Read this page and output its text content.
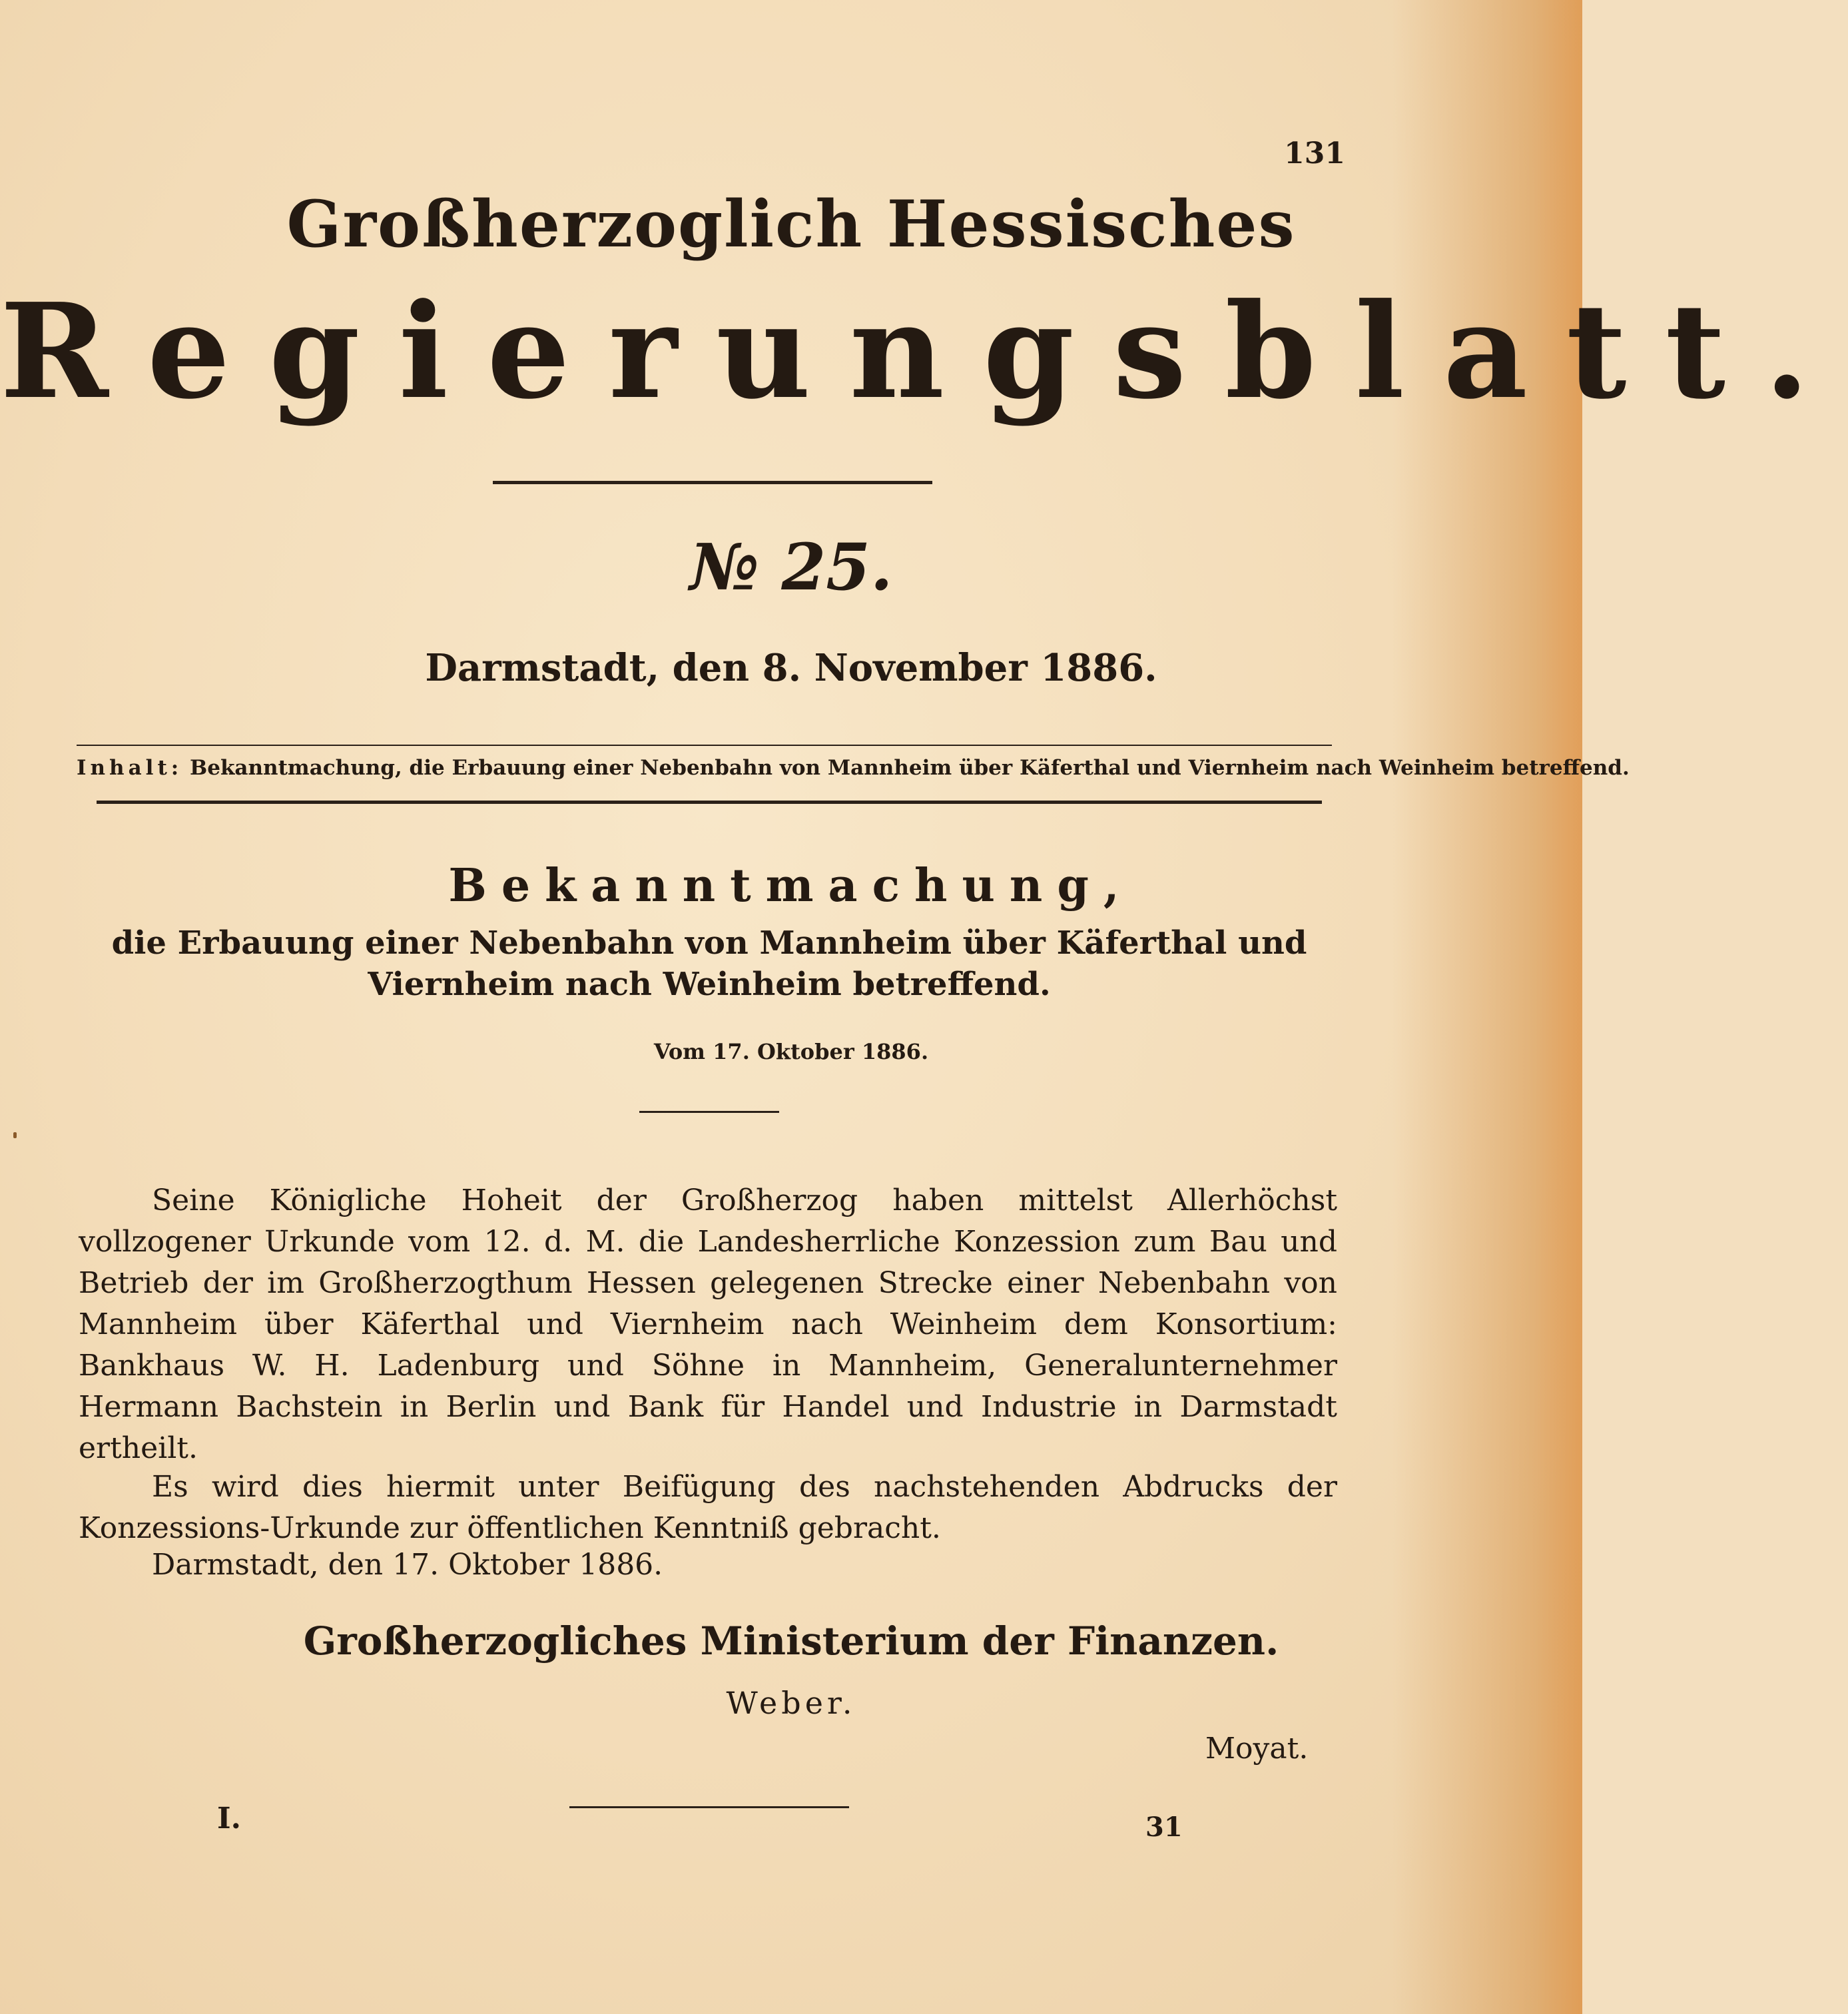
131
Großherzoglich Hessisches
Regierungsblatt.
№ 25.
Darmstadt, den 8. November 1886.
Inhalt: Bekanntmachung, die Erbauung einer Nebenbahn von Mannheim über Käferthal und Viernheim nach Weinheim betreffend.
Bekanntmachung,
die Erbauung einer Nebenbahn von Mannheim über Käferthal und Viernheim nach Weinheim betreffend.
Vom 17. Oktober 1886.
Seine Königliche Hoheit der Großherzog haben mittelst Allerhöchst vollzogener Urkunde vom 12. d. M. die Landesherrliche Konzession zum Bau und Betrieb der im Großherzogthum Hessen gelegenen Strecke einer Nebenbahn von Mannheim über Käferthal und Viernheim nach Weinheim dem Konsortium: Bankhaus W. H. Ladenburg und Söhne in Mannheim, Generalunternehmer Hermann Bachstein in Berlin und Bank für Handel und Industrie in Darmstadt ertheilt.
Es wird dies hiermit unter Beifügung des nachstehenden Abdrucks der Konzessions-Urkunde zur öffentlichen Kenntniß gebracht.
Darmstadt, den 17. Oktober 1886.
Großherzogliches Ministerium der Finanzen.
Weber.
Moyat.
I.	31
